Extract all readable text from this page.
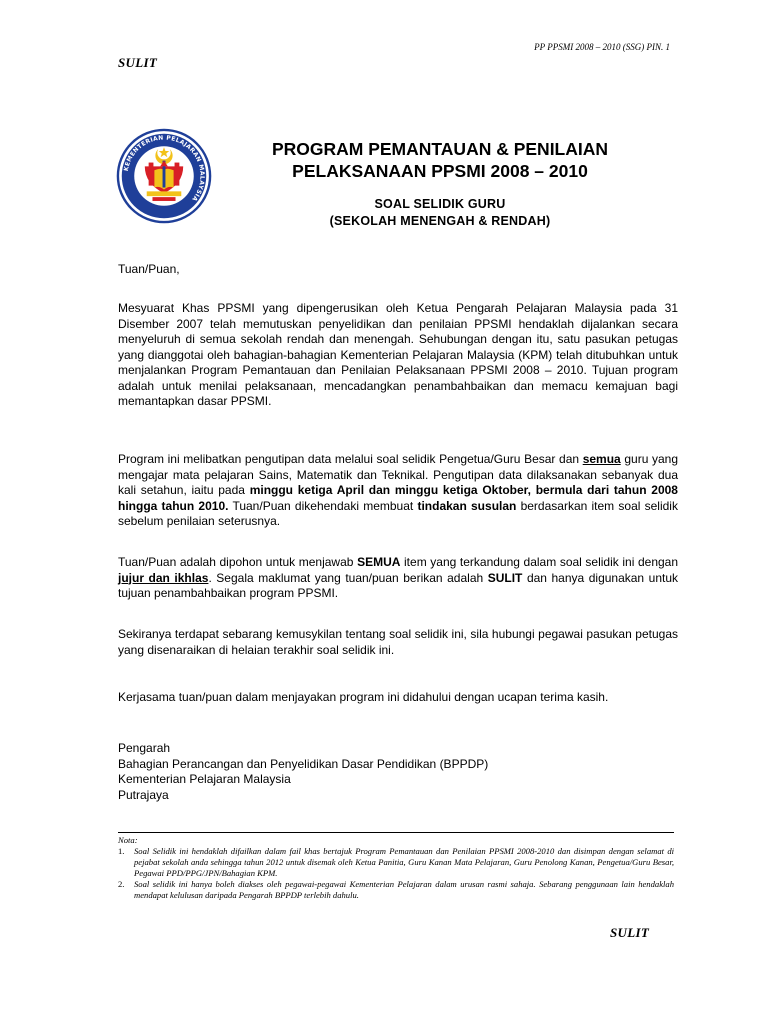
PP PPSMI 2008 – 2010 (SSG) PIN. 1
SULIT
KEMENTERIAN PELAJARAN MALAYSIA
PROGRAM PEMANTAUAN & PENILAIAN
PELAKSANAAN PPSMI 2008 – 2010
SOAL SELIDIK GURU
(SEKOLAH MENENGAH & RENDAH)
Tuan/Puan,
Mesyuarat Khas PPSMI yang dipengerusikan oleh Ketua Pengarah Pelajaran Malaysia pada 31 Disember 2007 telah memutuskan penyelidikan dan penilaian PPSMI hendaklah dijalankan secara menyeluruh di semua sekolah rendah dan menengah. Sehubungan dengan itu, satu pasukan petugas yang dianggotai oleh bahagian-bahagian Kementerian Pelajaran Malaysia (KPM) telah ditubuhkan untuk menjalankan Program Pemantauan dan Penilaian Pelaksanaan PPSMI 2008 – 2010. Tujuan program adalah untuk menilai pelaksanaan, mencadangkan penambahbaikan dan memacu kemajuan bagi memantapkan dasar PPSMI.
Program ini melibatkan pengutipan data melalui soal selidik Pengetua/Guru Besar dan semua guru yang mengajar mata pelajaran Sains, Matematik dan Teknikal. Pengutipan data dilaksanakan sebanyak dua kali setahun, iaitu pada minggu ketiga April dan minggu ketiga Oktober, bermula dari tahun 2008 hingga tahun 2010. Tuan/Puan dikehendaki membuat tindakan susulan berdasarkan item soal selidik sebelum penilaian seterusnya.
Tuan/Puan adalah dipohon untuk menjawab SEMUA item yang terkandung dalam soal selidik ini dengan jujur dan ikhlas. Segala maklumat yang tuan/puan berikan adalah SULIT dan hanya digunakan untuk tujuan penambahbaikan program PPSMI.
Sekiranya terdapat sebarang kemusykilan tentang soal selidik ini, sila hubungi pegawai pasukan petugas yang disenaraikan di helaian terakhir soal selidik ini.
Kerjasama tuan/puan dalam menjayakan program ini didahului dengan ucapan terima kasih.
Pengarah
Bahagian Perancangan dan Penyelidikan Dasar Pendidikan (BPPDP)
Kementerian Pelajaran Malaysia
Putrajaya
Nota:
1. Soal Selidik ini hendaklah difailkan dalam fail khas bertajuk Program Pemantauan dan Penilaian PPSMI 2008-2010 dan disimpan dengan selamat di pejabat sekolah anda sehingga tahun 2012 untuk disemak oleh Ketua Panitia, Guru Kanan Mata Pelajaran, Guru Penolong Kanan, Pengetua/Guru Besar, Pegawai PPD/PPG/JPN/Bahagian KPM.
2. Soal selidik ini hanya boleh diakses oleh pegawai-pegawai Kementerian Pelajaran dalam urusan rasmi sahaja. Sebarang penggunaan lain hendaklah mendapat kelulusan daripada Pengarah BPPDP terlebih dahulu.
SULIT
